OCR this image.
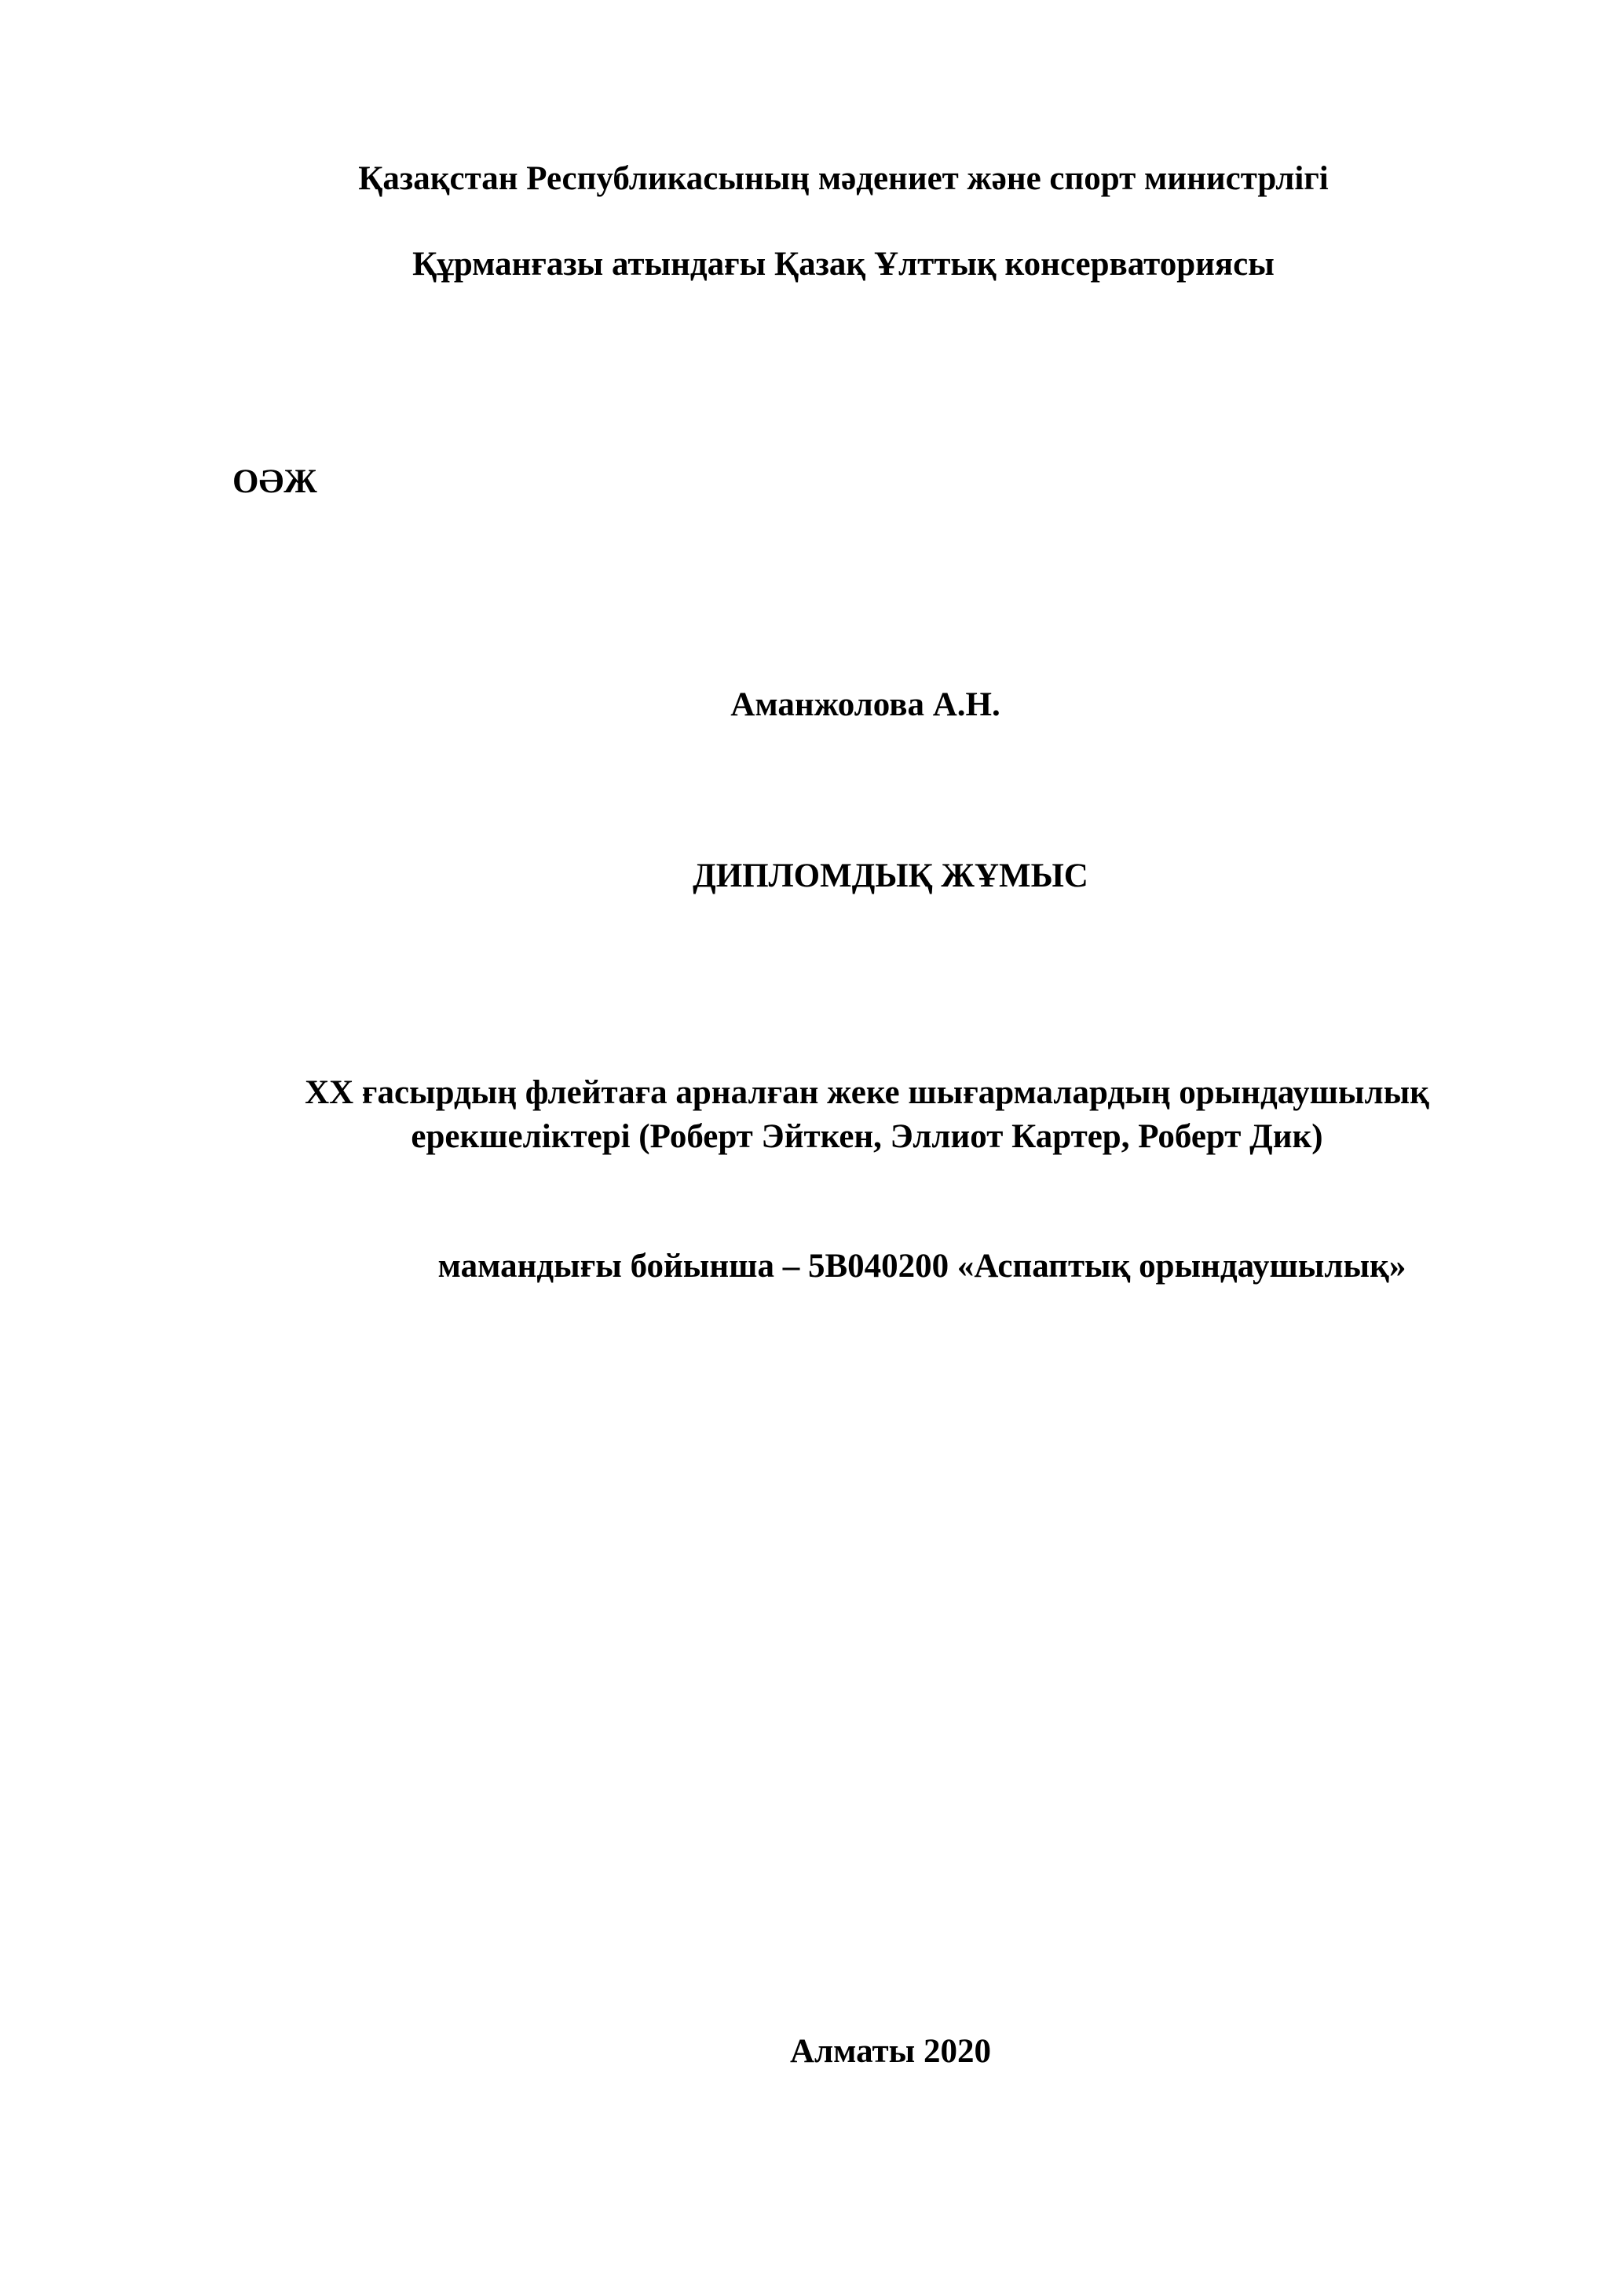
Қазақстан Республикасының мәдениет және спорт министрлігі
Құрманғазы атындағы Қазақ Ұлттық консерваториясы
ОӘЖ
Аманжолова А.Н.
ДИПЛОМДЫҚ ЖҰМЫС
XX ғасырдың флейтаға арналған жеке шығармалардың орындаушылық
ерекшеліктері (Роберт Эйткен, Эллиот Картер, Роберт Дик)
мамандығы бойынша – 5В040200 «Аспаптық орындаушылық»
Алматы 2020
